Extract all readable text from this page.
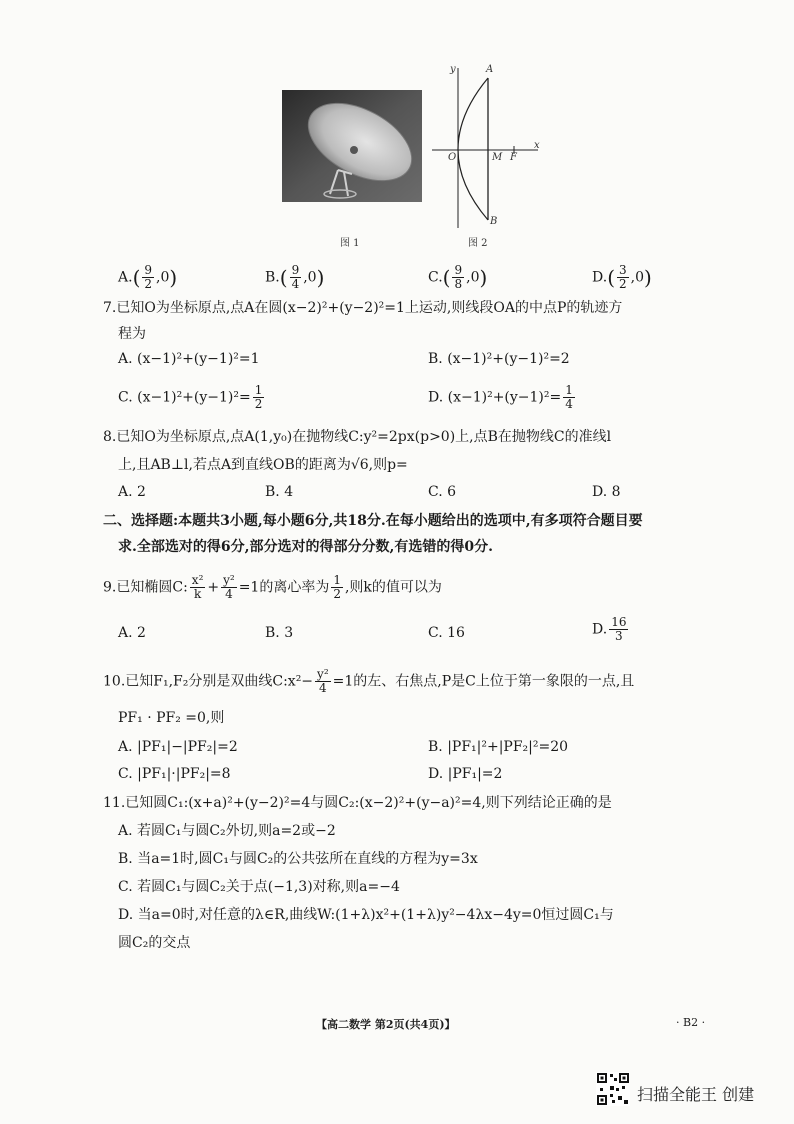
y
x
A
B
O	M F
图 1	图 2
$A.( \frac{9}{2} ,0)$	$B.( \frac{9}{4} ,0)$	$C.( \frac{9}{8} ,0)$	$D.( \frac{3}{2} ,0)$
7.已知O为坐标原点,点A在圆(x−2)²+(y−2)²=1上运动,则线段OA的中点P的轨迹方
程为
A. (x−1)²+(y−1)²=1	B. (x−1)²+(y−1)²=2
C. $(x-1)^2+(y-1)^2= \frac{1}{2}$	D. $(x-1)^2+(y-1)^2= \frac{1}{4}$
8.已知O为坐标原点,点A(1,y₀)在抛物线C:y²=2px(p>0)上,点B在抛物线C的准线l
上,且AB⊥l,若点A到直线OB的距离为√6,则p=
A. 2	B. 4	C. 6	D. 8
二、选择题:本题共3小题,每小题6分,共18分.在每小题给出的选项中,有多项符合题目要
求.全部选对的得6分,部分选对的得部分分数,有选错的得0分.
9.已知椭圆C: $\frac{\text{x²}}{k} + \frac{\text{y²}}{4} =1$的离心率为 $\frac{1}{2}$ ,则k的值可以为
A. 2	B. 3	C. 16	D. $\frac{16}{3}$
10.已知F₁,F₂分别是双曲线C:x²− $\frac{\text{y²}}{4} =1$的左、右焦点,P是C上位于第一象限的一点,且
PF₁ · PF₂ =0,则
A. |PF₁|−|PF₂|=2	B. |PF₁|²+|PF₂|²=20
C. |PF₁|·|PF₂|=8	D. |PF₁|=2
11.已知圆C₁:(x+a)²+(y−2)²=4与圆C₂:(x−2)²+(y−a)²=4,则下列结论正确的是
A. 若圆C₁与圆C₂外切,则a=2或−2
B. 当a=1时,圆C₁与圆C₂的公共弦所在直线的方程为y=3x
C. 若圆C₁与圆C₂关于点(−1,3)对称,则a=−4
D. 当a=0时,对任意的λ∈R,曲线W:(1+λ)x²+(1+λ)y²−4λx−4y=0恒过圆C₁与
圆C₂的交点
【高二数学 第2页(共4页)】	· B2 ·
扫描全能王 创建
